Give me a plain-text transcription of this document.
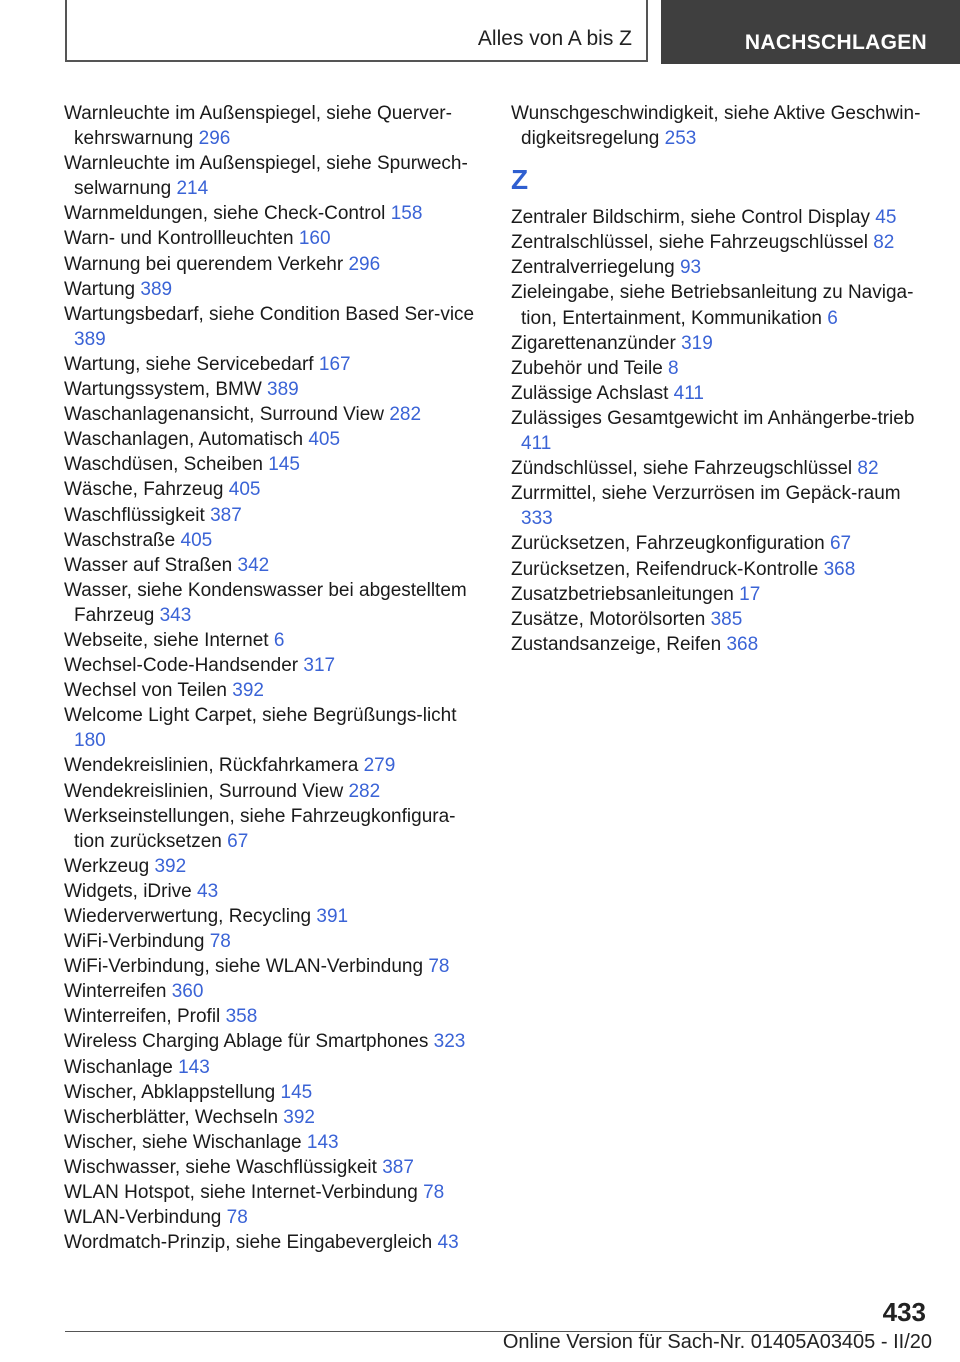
Alles von A bis Z	NACHSCHLAGEN

Warnleuchte im Außenspiegel, siehe Querver‐kehrswarnung 296

Warnleuchte im Außenspiegel, siehe Spurwech‐selwarnung 214

Warnmeldungen, siehe Check-Control 158

Warn- und Kontrollleuchten 160

Warnung bei querendem Verkehr 296

Wartung 389

Wartungsbedarf, siehe Condition Based Ser‐vice 389

Wartung, siehe Servicebedarf 167

Wartungssystem, BMW 389

Waschanlagenansicht, Surround View 282

Waschanlagen, Automatisch 405

Waschdüsen, Scheiben 145

Wäsche, Fahrzeug 405

Waschflüssigkeit 387

Waschstraße 405

Wasser auf Straßen 342

Wasser, siehe Kondenswasser bei abgestelltem Fahrzeug 343

Webseite, siehe Internet 6

Wechsel-Code-Handsender 317

Wechsel von Teilen 392

Welcome Light Carpet, siehe Begrüßungs‐licht 180

Wendekreislinien, Rückfahrkamera 279

Wendekreislinien, Surround View 282

Werkseinstellungen, siehe Fahrzeugkonfigura‐tion zurücksetzen 67

Werkzeug 392

Widgets, iDrive 43

Wiederverwertung, Recycling 391

WiFi-Verbindung 78

WiFi-Verbindung, siehe WLAN-Verbindung 78

Winterreifen 360

Winterreifen, Profil 358

Wireless Charging Ablage für Smartphones 323

Wischanlage 143

Wischer, Abklappstellung 145

Wischerblätter, Wechseln 392

Wischer, siehe Wischanlage 143

Wischwasser, siehe Waschflüssigkeit 387

WLAN Hotspot, siehe Internet-Verbindung 78

WLAN-Verbindung 78

Wordmatch-Prinzip, siehe Eingabevergleich 43

Wunschgeschwindigkeit, siehe Aktive Geschwin‐digkeitsregelung 253

Z

Zentraler Bildschirm, siehe Control Display 45

Zentralschlüssel, siehe Fahrzeugschlüssel 82

Zentralverriegelung 93

Zieleingabe, siehe Betriebsanleitung zu Naviga‐tion, Entertainment, Kommunikation 6

Zigarettenanzünder 319

Zubehör und Teile 8

Zulässige Achslast 411

Zulässiges Gesamtgewicht im Anhängerbe‐trieb 411

Zündschlüssel, siehe Fahrzeugschlüssel 82

Zurrmittel, siehe Verzurrösen im Gepäck‐raum 333

Zurücksetzen, Fahrzeugkonfiguration 67

Zurücksetzen, Reifendruck-Kontrolle 368

Zusatzbetriebsanleitungen 17

Zusätze, Motorölsorten 385

Zustandsanzeige, Reifen 368

433
Online Version für Sach-Nr. 01405A03405 - II/20
